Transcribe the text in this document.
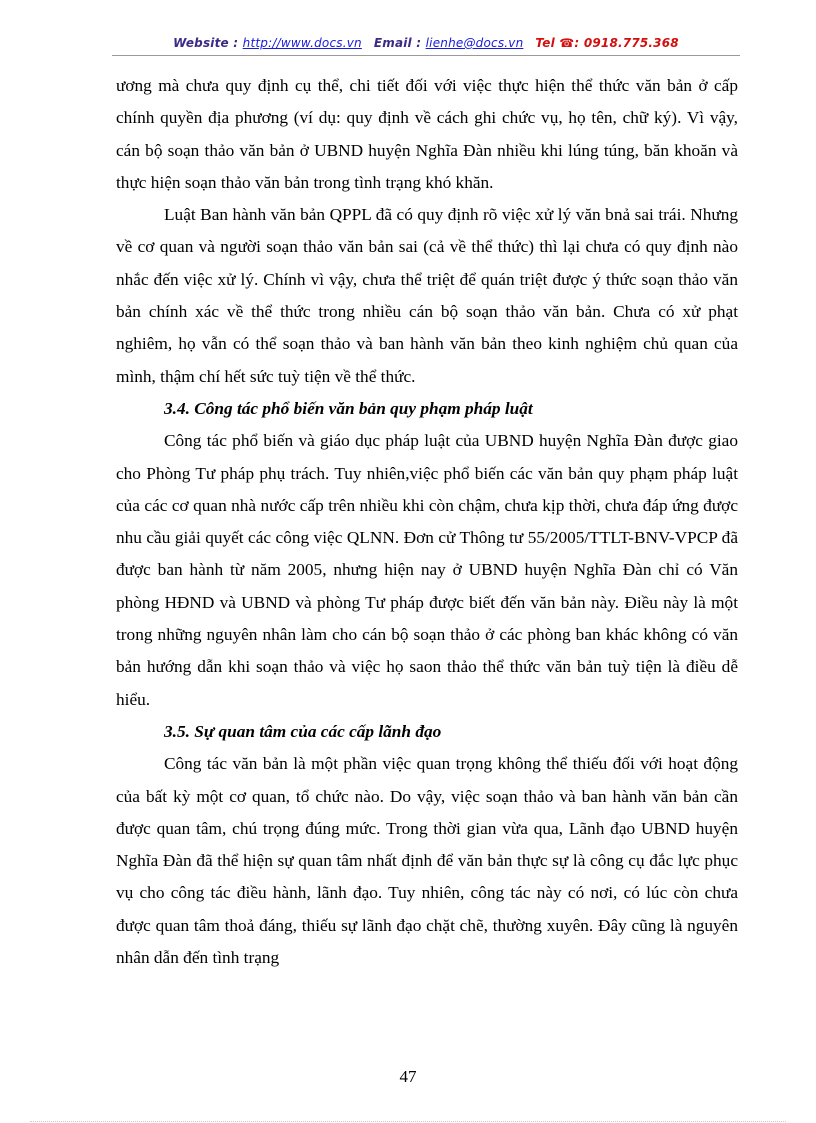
Website : http://www.docs.vn Email : lienhe@docs.vn Tel ☎: 0918.775.368

ương mà chưa quy định cụ thể, chi tiết đối với việc thực hiện thể thức văn bản ở cấp chính quyền địa phương (ví dụ: quy định về cách ghi chức vụ, họ tên, chữ ký). Vì vậy, cán bộ soạn thảo văn bản ở UBND huyện Nghĩa Đàn nhiều khi lúng túng, băn khoăn và thực hiện soạn thảo văn bản trong tình trạng khó khăn.

Luật Ban hành văn bản QPPL đã có quy định rõ việc xử lý văn bnả sai trái. Nhưng về cơ quan và người soạn thảo văn bản sai (cả về thể thức) thì lại chưa có quy định nào nhắc đến việc xử lý. Chính vì vậy, chưa thể triệt để quán triệt được ý thức soạn thảo văn bản chính xác về thể thức trong nhiều cán bộ soạn thảo văn bản. Chưa có xử phạt nghiêm, họ vẫn có thể soạn thảo và ban hành văn bản theo kinh nghiệm chủ quan của mình, thậm chí hết sức tuỳ tiện về thể thức.

3.4. Công tác phổ biến văn bản quy phạm pháp luật

Công tác phổ biến và giáo dục pháp luật của UBND huyện Nghĩa Đàn được giao cho Phòng Tư pháp phụ trách. Tuy nhiên,việc phổ biến các văn bản quy phạm pháp luật của các cơ quan nhà nước cấp trên nhiều khi còn chậm, chưa kịp thời, chưa đáp ứng được nhu cầu giải quyết các công việc QLNN. Đơn cử Thông tư 55/2005/TTLT-BNV-VPCP đã được ban hành từ năm 2005, nhưng hiện nay ở UBND huyện Nghĩa Đàn chỉ có Văn phòng HĐND và UBND và phòng Tư pháp được biết đến văn bản này. Điều này là một trong những nguyên nhân làm cho cán bộ soạn thảo ở các phòng ban khác không có văn bản hướng dẫn khi soạn thảo và việc họ saon thảo thể thức văn bản tuỳ tiện là điều dễ hiểu.

3.5. Sự quan tâm của các cấp lãnh đạo

Công tác văn bản là một phần việc quan trọng không thể thiếu đối với hoạt động của bất kỳ một cơ quan, tổ chức nào. Do vậy, việc soạn thảo và ban hành văn bản cần được quan tâm, chú trọng đúng mức. Trong thời gian vừa qua, Lãnh đạo UBND huyện Nghĩa Đàn đã thể hiện sự quan tâm nhất định để văn bản thực sự là công cụ đắc lực phục vụ cho công tác điều hành, lãnh đạo. Tuy nhiên, công tác này có nơi, có lúc còn chưa được quan tâm thoả đáng, thiếu sự lãnh đạo chặt chẽ, thường xuyên. Đây cũng là nguyên nhân dẫn đến tình trạng

47
